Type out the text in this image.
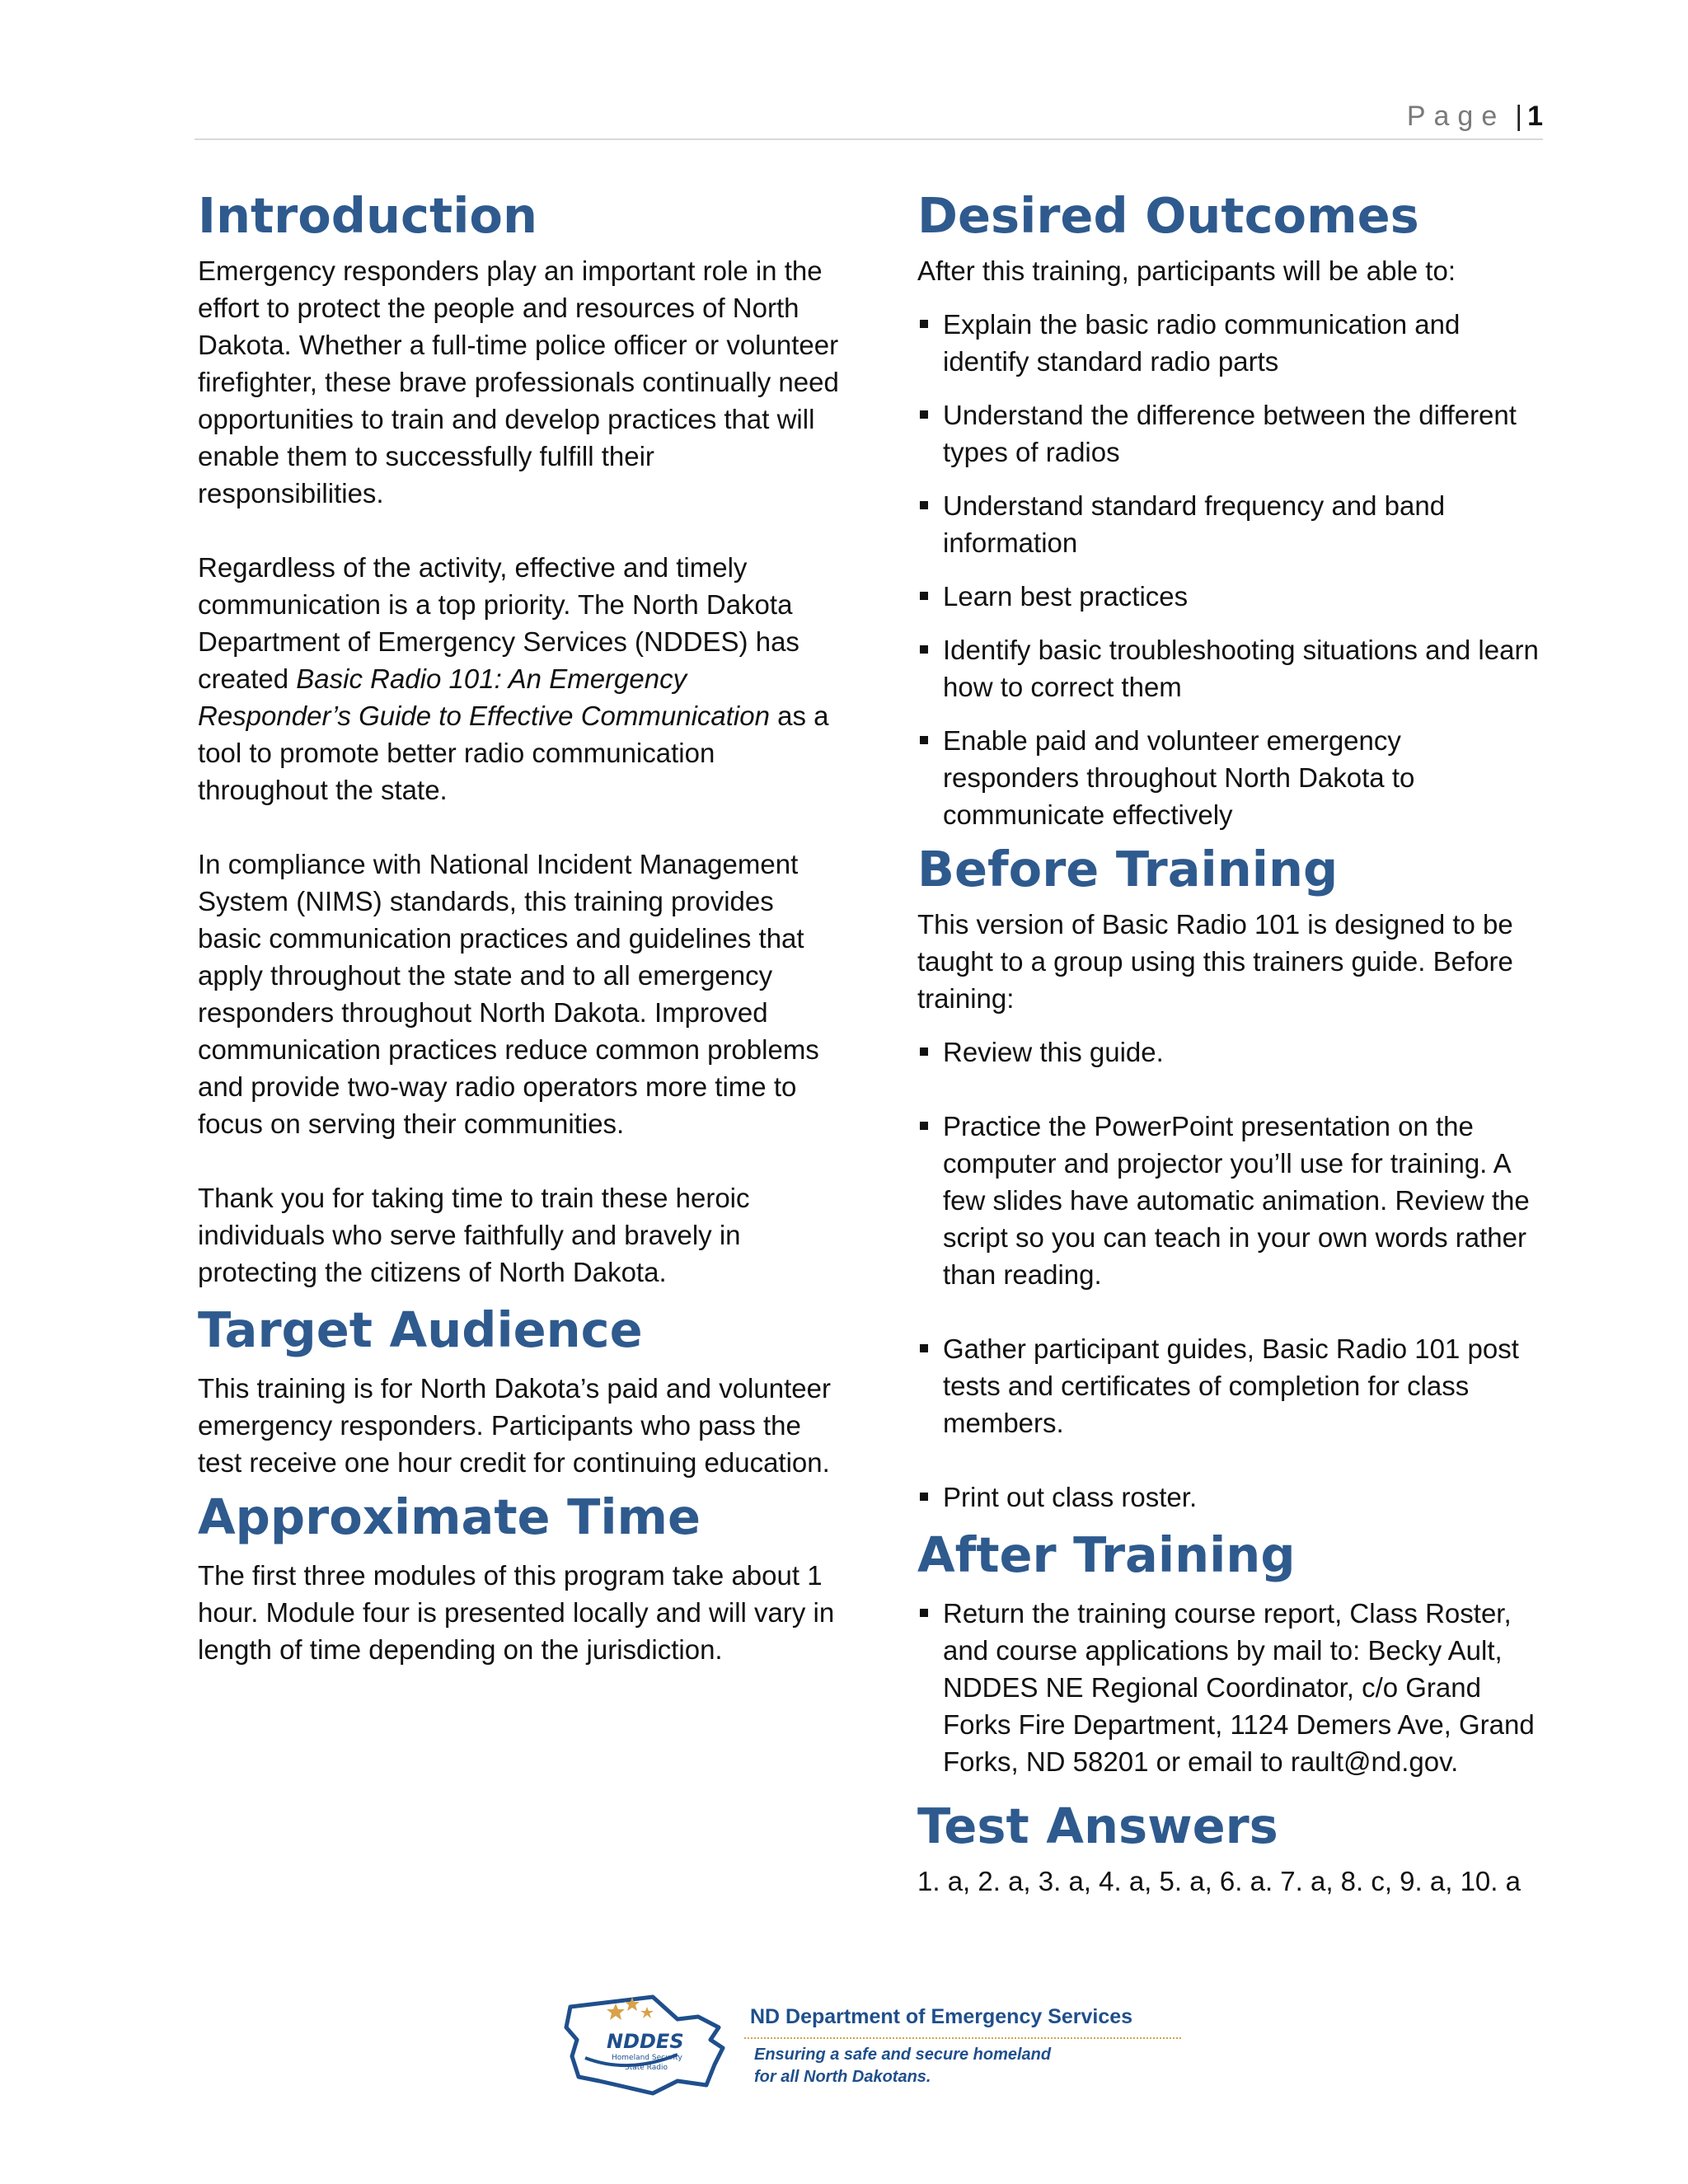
Page | 1
Introduction

Emergency responders play an important role in the effort to protect the people and resources of North Dakota. Whether a full-time police officer or volunteer firefighter, these brave professionals continually need opportunities to train and develop practices that will enable them to successfully fulfill their responsibilities.

Regardless of the activity, effective and timely communication is a top priority. The North Dakota Department of Emergency Services (NDDES) has created Basic Radio 101: An Emergency Responder’s Guide to Effective Communication as a tool to promote better radio communication throughout the state.

In compliance with National Incident Management System (NIMS) standards, this training provides basic communication practices and guidelines that apply throughout the state and to all emergency responders throughout North Dakota. Improved communication practices reduce common problems and provide two-way radio operators more time to focus on serving their communities.

Thank you for taking time to train these heroic individuals who serve faithfully and bravely in protecting the citizens of North Dakota.

Target Audience

This training is for North Dakota’s paid and volunteer emergency responders. Participants who pass the test receive one hour credit for continuing education.

Approximate Time

The first three modules of this program take about 1 hour. Module four is presented locally and will vary in length of time depending on the jurisdiction.

Desired Outcomes

After this training, participants will be able to:

Explain the basic radio communication and identify standard radio parts
Understand the difference between the different types of radios
Understand standard frequency and band information
Learn best practices
Identify basic troubleshooting situations and learn how to correct them
Enable paid and volunteer emergency responders throughout North Dakota to communicate effectively
Before Training

This version of Basic Radio 101 is designed to be taught to a group using this trainers guide. Before training:

Review this guide.
Practice the PowerPoint presentation on the computer and projector you’ll use for training. A few slides have automatic animation. Review the script so you can teach in your own words rather than reading.
Gather participant guides, Basic Radio 101 post tests and certificates of completion for class members.
Print out class roster.
After Training
Return the training course report, Class Roster, and course applications by mail to: Becky Ault, NDDES NE Regional Coordinator, c/o Grand Forks Fire Department, 1124 Demers Ave, Grand Forks, ND 58201 or email to rault@nd.gov.
Test Answers

1. a, 2. a, 3. a, 4. a, 5. a, 6. a. 7. a, 8. c, 9. a, 10. a

NDDES
Homeland Security
State Radio
ND Department of Emergency Services
Ensuring a safe and secure homeland
for all North Dakotans.
